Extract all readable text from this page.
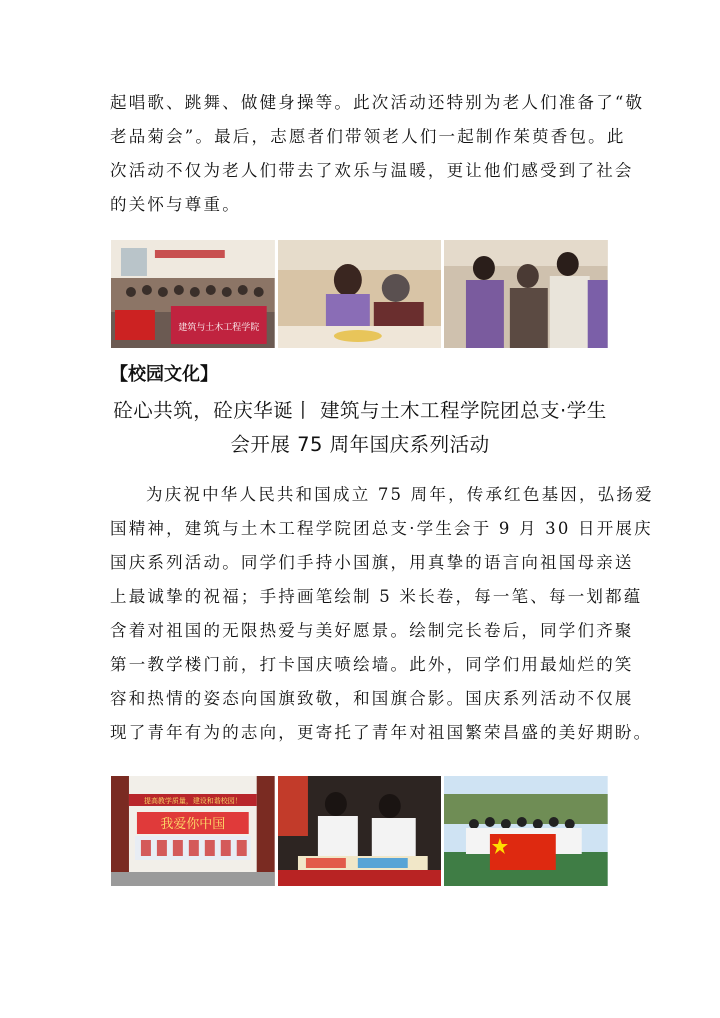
起唱歌、跳舞、做健身操等。此次活动还特别为老人们准备了“敬
老品菊会”。最后，志愿者们带领老人们一起制作茱萸香包。此
次活动不仅为老人们带去了欢乐与温暖，更让他们感受到了社会
的关怀与尊重。
建筑与土木工程学院
【校园文化】
砼心共筑，砼庆华诞丨 建筑与土木工程学院团总支·学生
会开展 75 周年国庆系列活动
为庆祝中华人民共和国成立 75 周年，传承红色基因，弘扬爱
国精神，建筑与土木工程学院团总支·学生会于 9 月 30 日开展庆
国庆系列活动。同学们手持小国旗，用真挚的语言向祖国母亲送
上最诚挚的祝福；手持画笔绘制 5 米长卷，每一笔、每一划都蕴
含着对祖国的无限热爱与美好愿景。绘制完长卷后，同学们齐聚
第一教学楼门前，打卡国庆喷绘墙。此外，同学们用最灿烂的笑
容和热情的姿态向国旗致敬，和国旗合影。国庆系列活动不仅展
现了青年有为的志向，更寄托了青年对祖国繁荣昌盛的美好期盼。
提高教学质量，建设和谐校园！
我爱你中国
